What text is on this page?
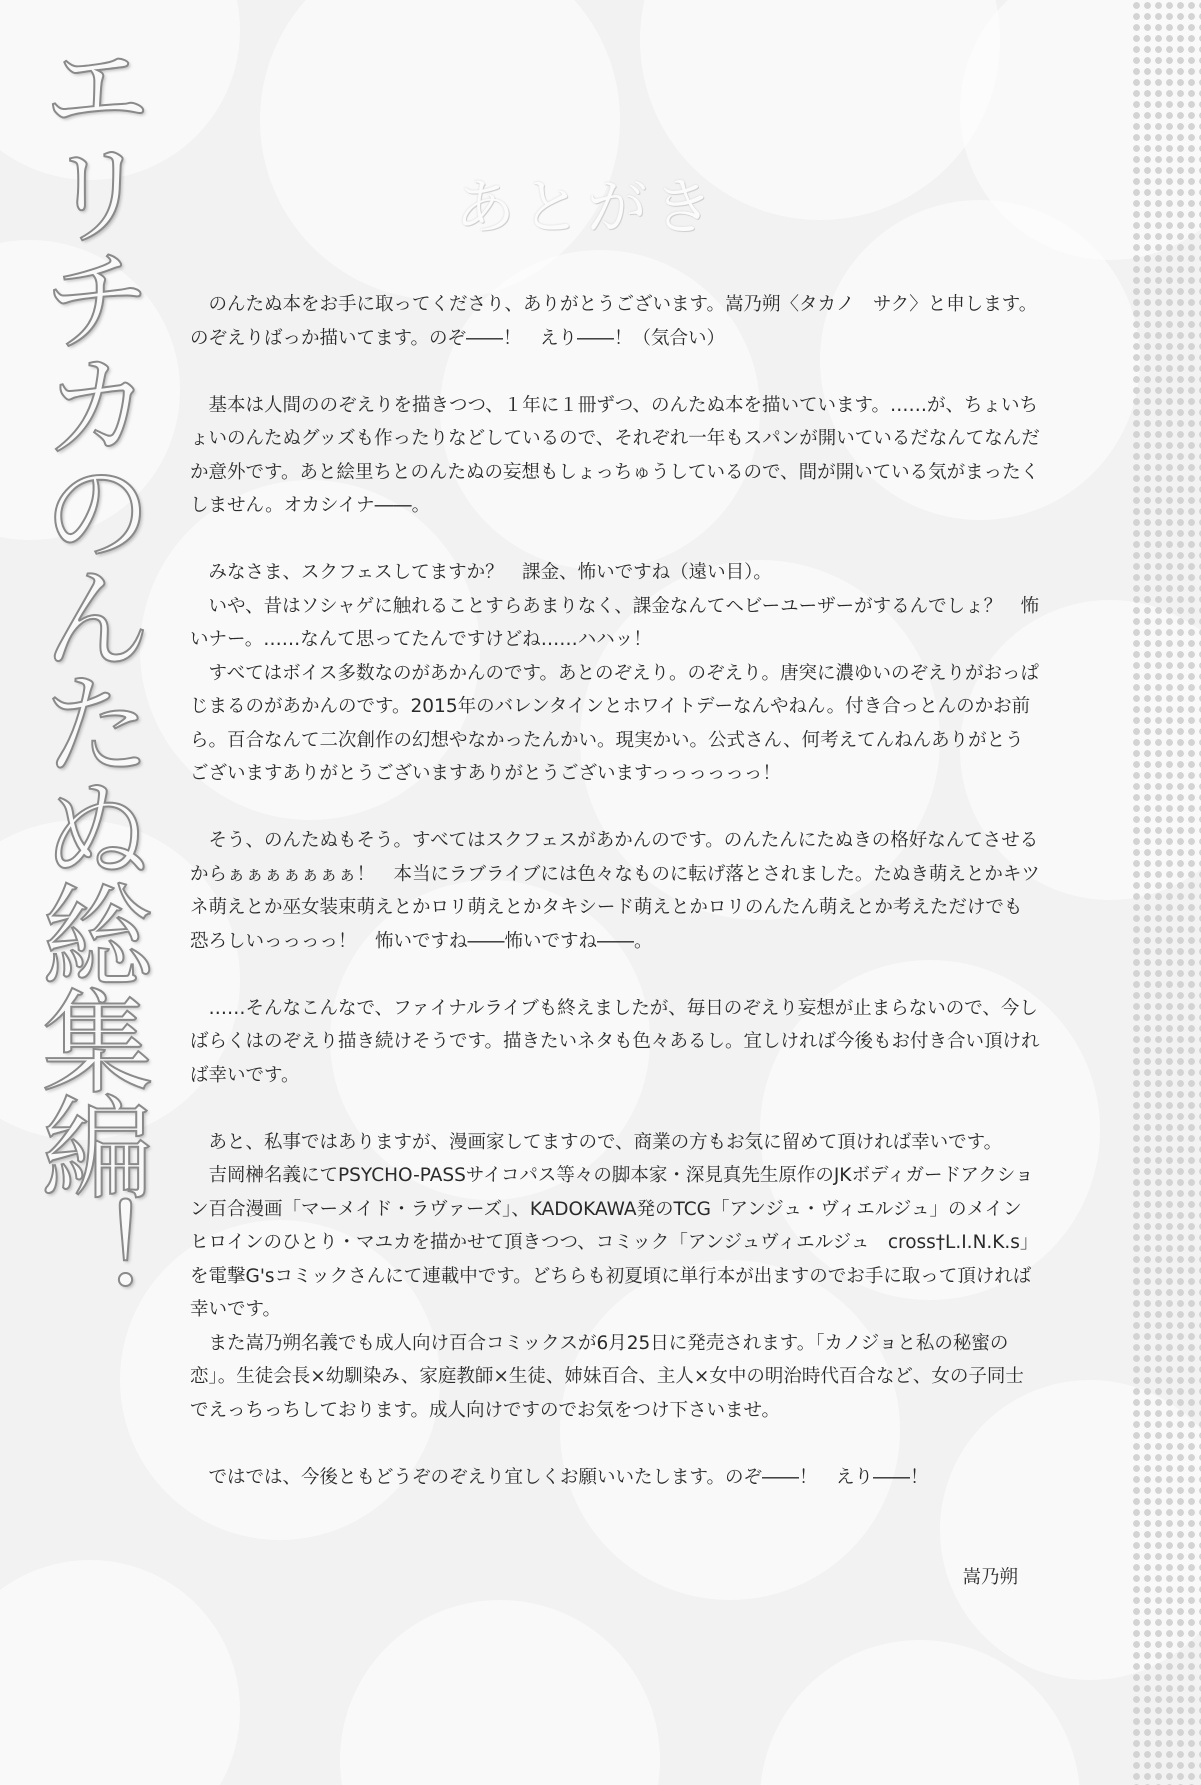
エリチカのんたぬ総集編！	あとがき

のんたぬ本をお手に取ってくださり、ありがとうございます。嵩乃朔〈タカノ　サク〉と申します。のぞえりばっか描いてます。のぞ――！　えり――！（気合い）

基本は人間ののぞえりを描きつつ、１年に１冊ずつ、のんたぬ本を描いています。……が、ちょいちょいのんたぬグッズも作ったりなどしているので、それぞれ一年もスパンが開いているだなんてなんだか意外です。あと絵里ちとのんたぬの妄想もしょっちゅうしているので、間が開いている気がまったくしません。オカシイナ――。

みなさま、スクフェスしてますか？　課金、怖いですね（遠い目）。

いや、昔はソシャゲに触れることすらあまりなく、課金なんてヘビーユーザーがするんでしょ？　怖いナー。……なんて思ってたんですけどね……ハハッ！

すべてはボイス多数なのがあかんのです。あとのぞえり。のぞえり。唐突に濃ゆいのぞえりがおっぱじまるのがあかんのです。2015年のバレンタインとホワイトデーなんやねん。付き合っとんのかお前ら。百合なんて二次創作の幻想やなかったんかい。現実かい。公式さん、何考えてんねんありがとうございますありがとうございますありがとうございますっっっっっっ！

そう、のんたぬもそう。すべてはスクフェスがあかんのです。のんたんにたぬきの格好なんてさせるからぁぁぁぁぁぁぁ！　本当にラブライブには色々なものに転げ落とされました。たぬき萌えとかキツネ萌えとか巫女装束萌えとかロリ萌えとかタキシード萌えとかロリのんたん萌えとか考えただけでも恐ろしいっっっっ！　怖いですね――怖いですね――。

……そんなこんなで、ファイナルライブも終えましたが、毎日のぞえり妄想が止まらないので、今しばらくはのぞえり描き続けそうです。描きたいネタも色々あるし。宜しければ今後もお付き合い頂ければ幸いです。

あと、私事ではありますが、漫画家してますので、商業の方もお気に留めて頂ければ幸いです。

吉岡榊名義にてPSYCHO-PASSサイコパス等々の脚本家・深見真先生原作のJKボディガードアクション百合漫画「マーメイド・ラヴァーズ」、KADOKAWA発のTCG「アンジュ・ヴィエルジュ」のメインヒロインのひとり・マユカを描かせて頂きつつ、コミック「アンジュヴィエルジュ　cross†L.I.N.K.s」を電撃G'sコミックさんにて連載中です。どちらも初夏頃に単行本が出ますのでお手に取って頂ければ幸いです。

また嵩乃朔名義でも成人向け百合コミックスが6月25日に発売されます。「カノジョと私の秘蜜の恋」。生徒会長×幼馴染み、家庭教師×生徒、姉妹百合、主人×女中の明治時代百合など、女の子同士でえっちっちしております。成人向けですのでお気をつけ下さいませ。

ではでは、今後ともどうぞのぞえり宜しくお願いいたします。のぞ――！　えり――！

嵩乃朔
